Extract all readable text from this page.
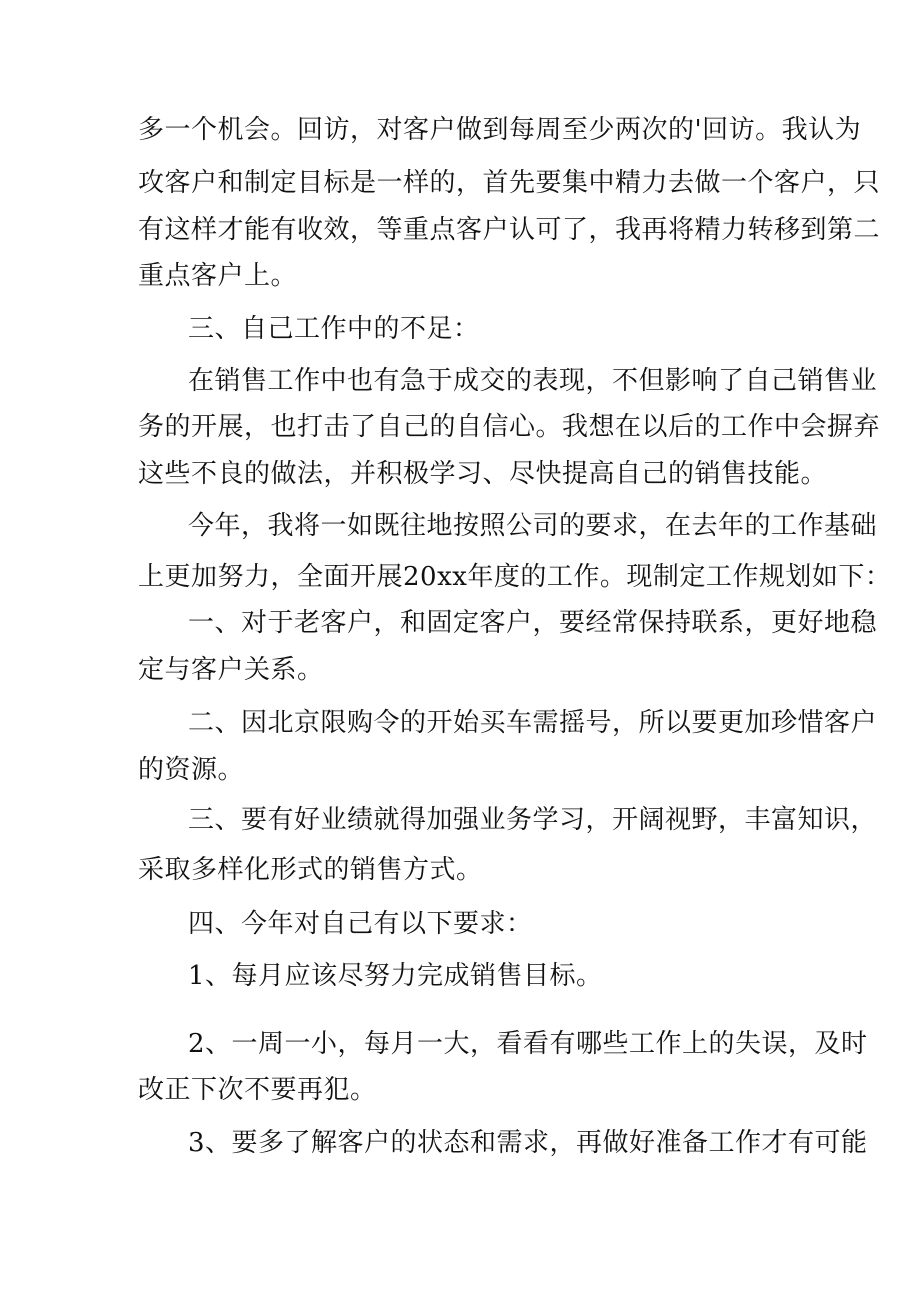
多一个机会。回访，对客户做到每周至少两次的'回访。我认为
攻客户和制定目标是一样的，首先要集中精力去做一个客户，只
有这样才能有收效，等重点客户认可了，我再将精力转移到第二
重点客户上。
三、自己工作中的不足：
在销售工作中也有急于成交的表现，不但影响了自己销售业
务的开展，也打击了自己的自信心。我想在以后的工作中会摒弃
这些不良的做法，并积极学习、尽快提高自己的销售技能。
今年，我将一如既往地按照公司的要求，在去年的工作基础
上更加努力，全面开展20xx年度的工作。现制定工作规划如下：
一、对于老客户，和固定客户，要经常保持联系，更好地稳
定与客户关系。
二、因北京限购令的开始买车需摇号，所以要更加珍惜客户
的资源。
三、要有好业绩就得加强业务学习，开阔视野，丰富知识，
采取多样化形式的销售方式。
四、今年对自己有以下要求：
1、每月应该尽努力完成销售目标。
2、一周一小，每月一大，看看有哪些工作上的失误，及时
改正下次不要再犯。
3、要多了解客户的状态和需求，再做好准备工作才有可能
